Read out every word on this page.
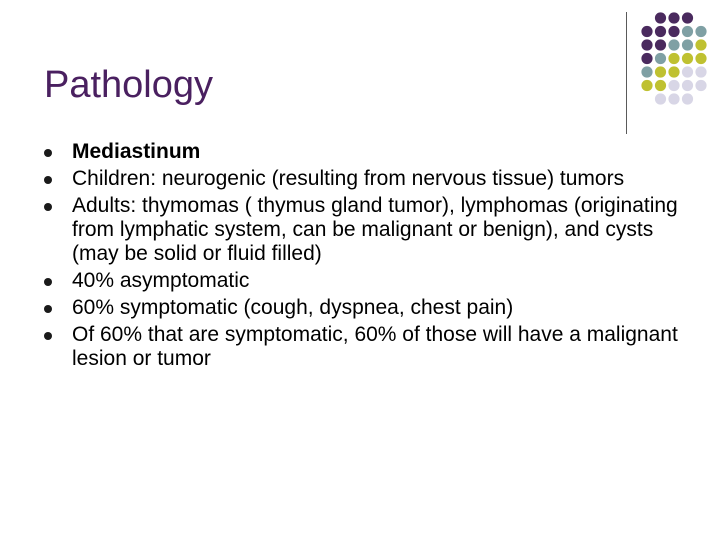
Pathology
Mediastinum
Children: neurogenic (resulting from nervous tissue) tumors
Adults: thymomas ( thymus gland tumor), lymphomas (originating from lymphatic system, can be malignant or benign), and cysts (may be solid or fluid filled)
40% asymptomatic
60% symptomatic (cough, dyspnea, chest pain)
Of 60% that are symptomatic, 60% of those will have a malignant lesion or tumor
